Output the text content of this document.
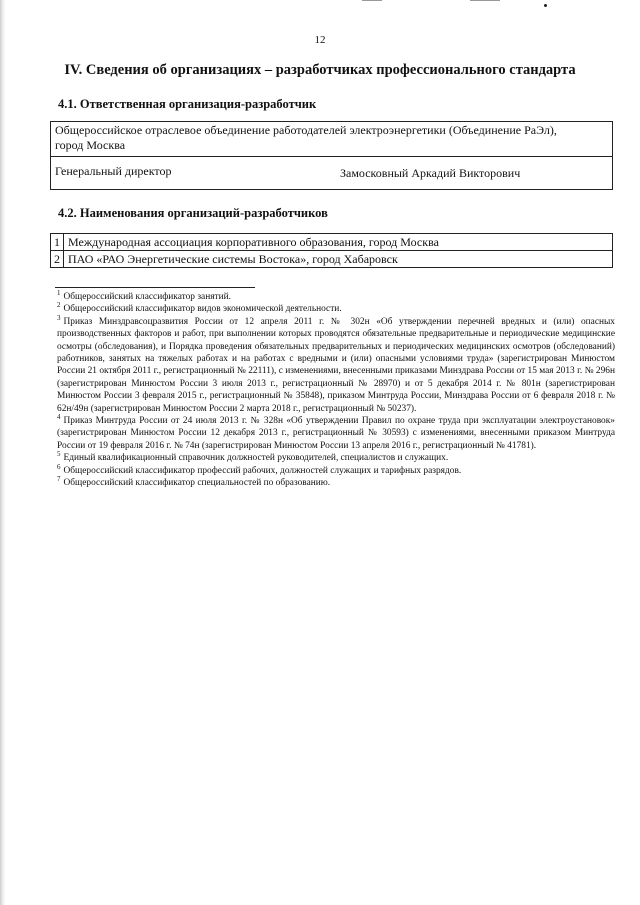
12
IV. Сведения об организациях – разработчиках профессионального стандарта
4.1. Ответственная организация-разработчик
Общероссийское отраслевое объединение работодателей электроэнергетики (Объединение РаЭл),
город Москва
Генеральный директор	Замосковный Аркадий Викторович
4.2. Наименования организаций-разработчиков
1	Международная ассоциация корпоративного образования, город Москва
2	ПАО «РАО Энергетические системы Востока», город Хабаровск

$^1$ Общероссийский классификатор занятий.

$^2$ Общероссийский классификатор видов экономической деятельности.

$^3$ Приказ Минздравсоцразвития России от 12 апреля 2011 г. № 302н «Об утверждении перечней вредных и (или) опасных производственных факторов и работ, при выполнении которых проводятся обязательные предварительные и периодические медицинские осмотры (обследования), и Порядка проведения обязательных предварительных и периодических медицинских осмотров (обследований) работников, занятых на тяжелых работах и на работах с вредными и (или) опасными условиями труда» (зарегистрирован Минюстом России 21 октября 2011 г., регистрационный № 22111), с изменениями, внесенными приказами Минздрава России от 15 мая 2013 г. № 296н (зарегистрирован Минюстом России 3 июля 2013 г., регистрационный № 28970) и от 5 декабря 2014 г. № 801н (зарегистрирован Минюстом России 3 февраля 2015 г., регистрационный № 35848), приказом Минтруда России, Минздрава России от 6 февраля 2018 г. № 62н/49н (зарегистрирован Минюстом России 2 марта 2018 г., регистрационный № 50237).

$^4$ Приказ Минтруда России от 24 июля 2013 г. № 328н «Об утверждении Правил по охране труда при эксплуатации электроустановок» (зарегистрирован Минюстом России 12 декабря 2013 г., регистрационный № 30593) с изменениями, внесенными приказом Минтруда России от 19 февраля 2016 г. № 74н (зарегистрирован Минюстом России 13 апреля 2016 г., регистрационный № 41781).

$^5$ Единый квалификационный справочник должностей руководителей, специалистов и служащих.

$^6$ Общероссийский классификатор профессий рабочих, должностей служащих и тарифных разрядов.

$^7$ Общероссийский классификатор специальностей по образованию.
